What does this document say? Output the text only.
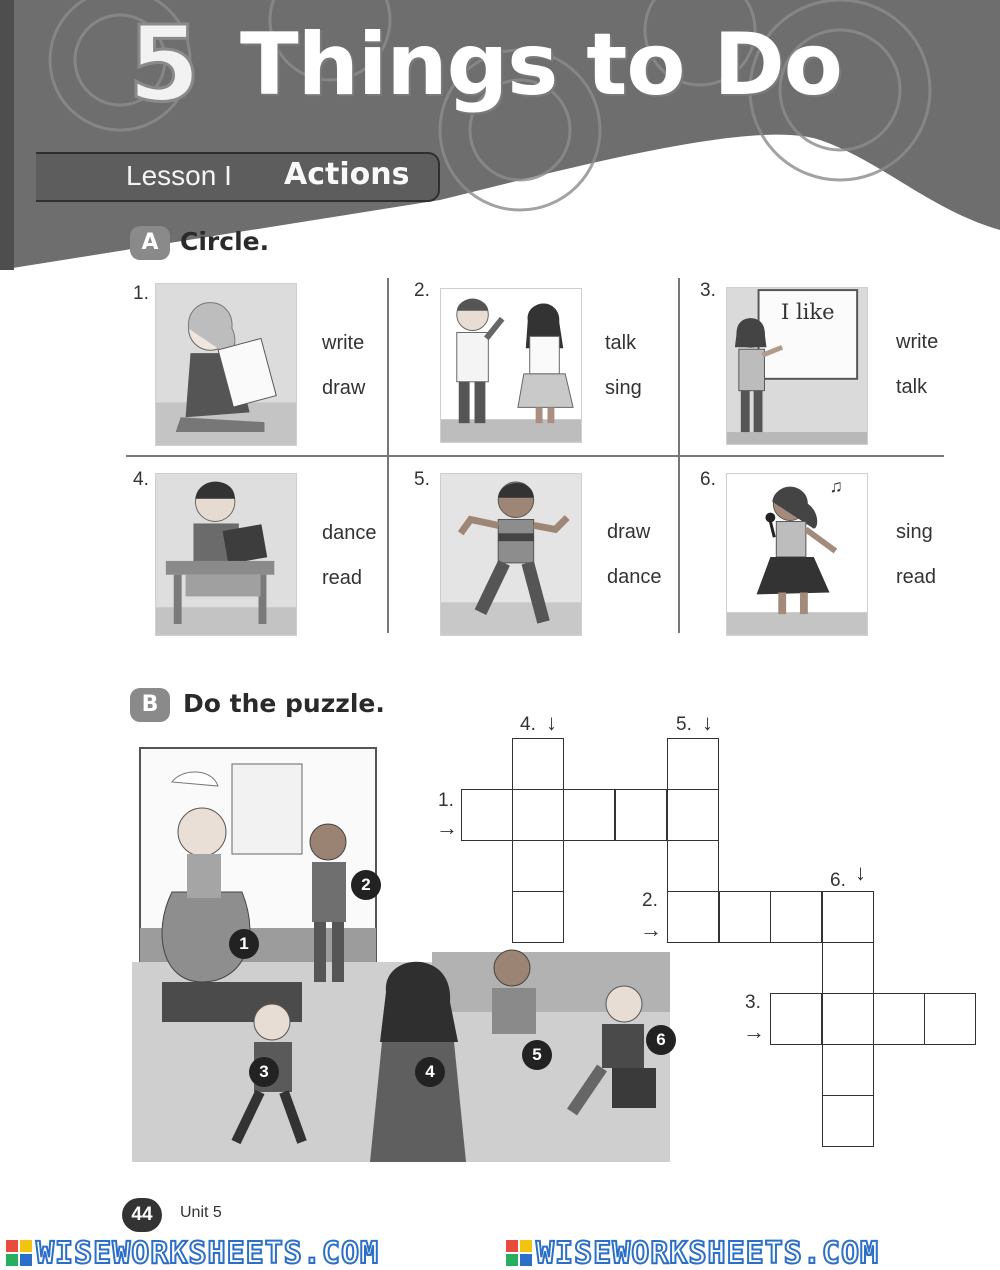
5 Things to Do
Lesson I Actions
A Circle.
1.
write
draw
2.
talk
sing
3.
I like
write
talk
4.
dance
read
5.
draw
dance
6.	♫
sing
read
B Do the puzzle.
1
2
3	4
5
6
4. ↓	5. ↓
6. ↓
1.
→
2.
→
3.
→
44	Unit 5
WISEWORKSHEETS.COM	WISEWORKSHEETS.COM
